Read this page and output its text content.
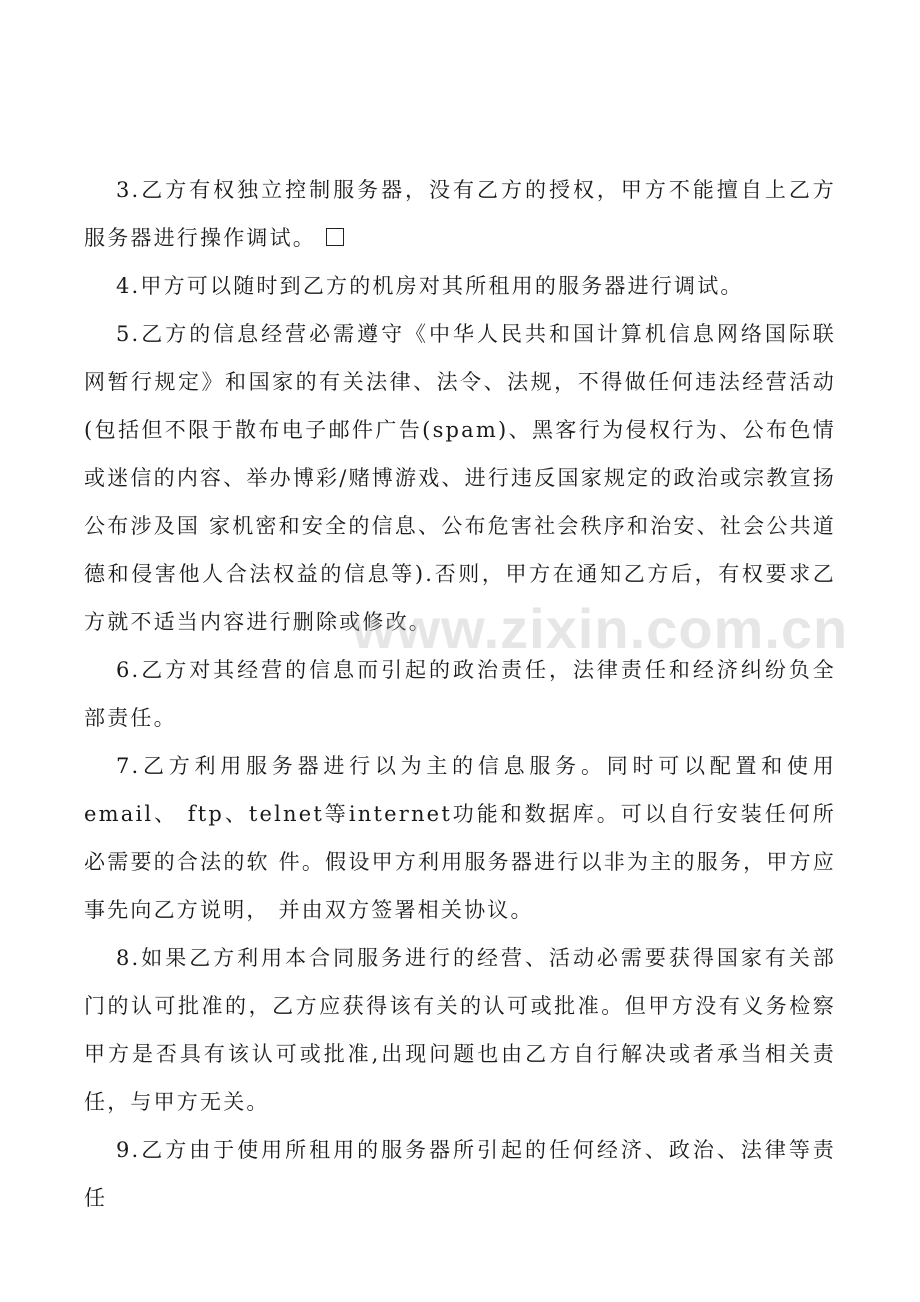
3.乙方有权独立控制服务器，没有乙方的授权，甲方不能擅自上乙方服务器进行操作调试。

4.甲方可以随时到乙方的机房对其所租用的服务器进行调试。

5.乙方的信息经营必需遵守《中华人民共和国计算机信息网络国际联网暂行规定》和国家的有关法律、法令、法规，不得做任何违法经营活动(包括但不限于散布电子邮件广告(spam)、黑客行为侵权行为、公布色情或迷信的内容、举办博彩/赌博游戏、进行违反国家规定的政治或宗教宣扬公布涉及国 家机密和安全的信息、公布危害社会秩序和治安、社会公共道德和侵害他人合法权益的信息等).否则，甲方在通知乙方后，有权要求乙方就不适当内容进行删除或修改。

6.乙方对其经营的信息而引起的政治责任，法律责任和经济纠纷负全部责任。

7.乙方利用服务器进行以为主的信息服务。同时可以配置和使用email、 ftp、telnet等internet功能和数据库。可以自行安装任何所必需要的合法的软 件。假设甲方利用服务器进行以非为主的服务，甲方应事先向乙方说明， 并由双方签署相关协议。

8.如果乙方利用本合同服务进行的经营、活动必需要获得国家有关部门的认可批准的，乙方应获得该有关的认可或批准。但甲方没有义务检察甲方是否具有该认可或批准,出现问题也由乙方自行解决或者承当相关责任，与甲方无关。

9.乙方由于使用所租用的服务器所引起的任何经济、政治、法律等责任

www.zixin.com.cn
